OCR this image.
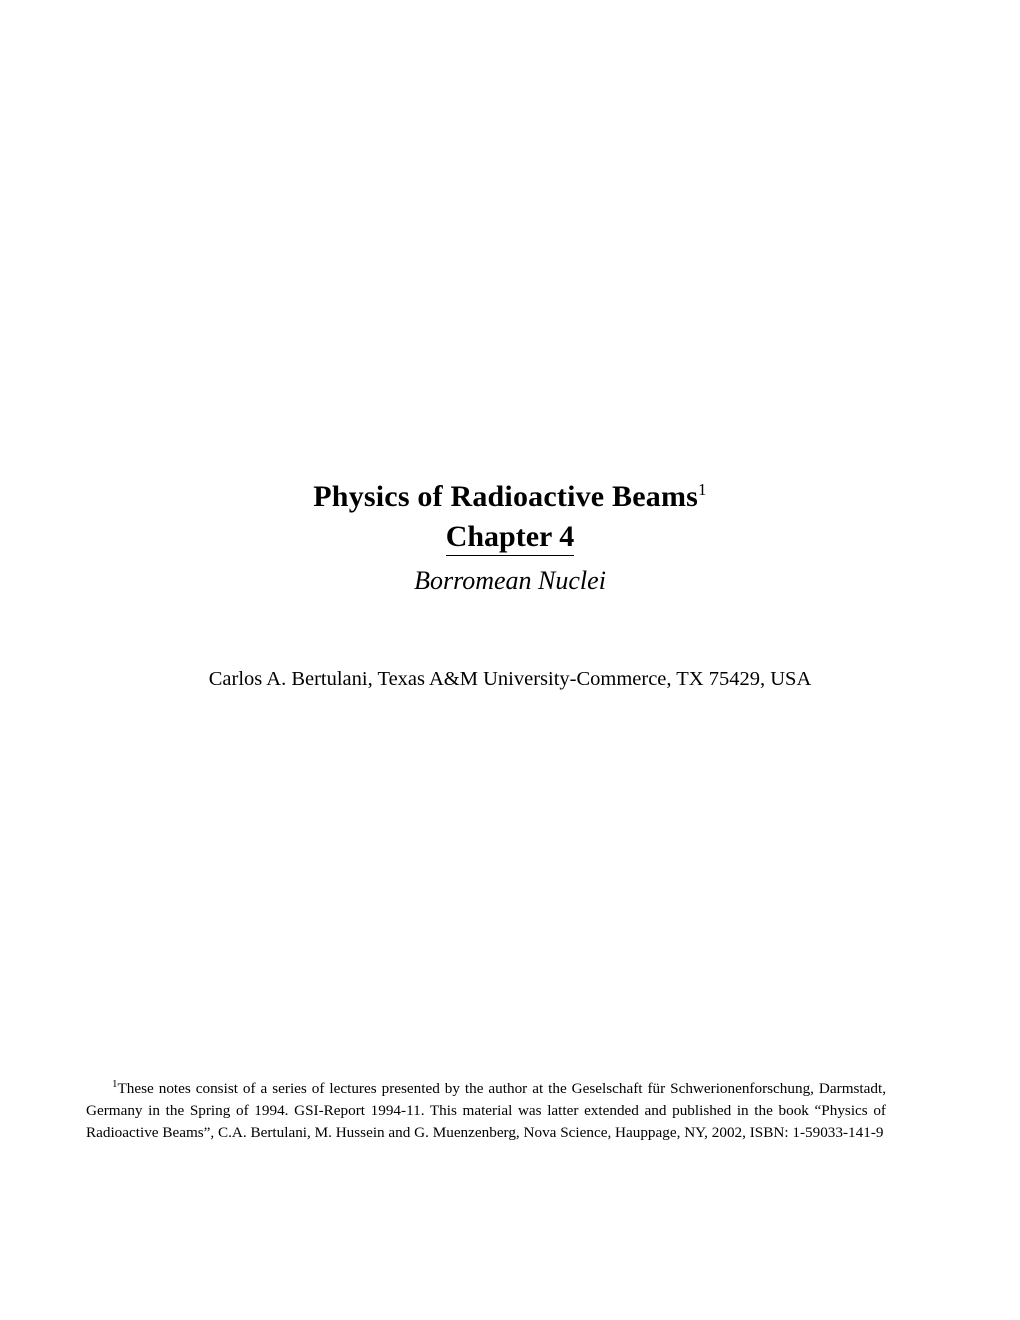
Physics of Radioactive Beams$^1$
Chapter 4
Borromean Nuclei
Carlos A. Bertulani, Texas A&M University-Commerce, TX 75429, USA

$^1$These notes consist of a series of lectures presented by the author at the Geselschaft für Schwerionenforschung, Darmstadt, Germany in the Spring of 1994. GSI-Report 1994-11. This material was latter extended and published in the book “Physics of Radioactive Beams”, C.A. Bertulani, M. Hussein and G. Muenzenberg, Nova Science, Hauppage, NY, 2002, ISBN: 1-59033-141-9
